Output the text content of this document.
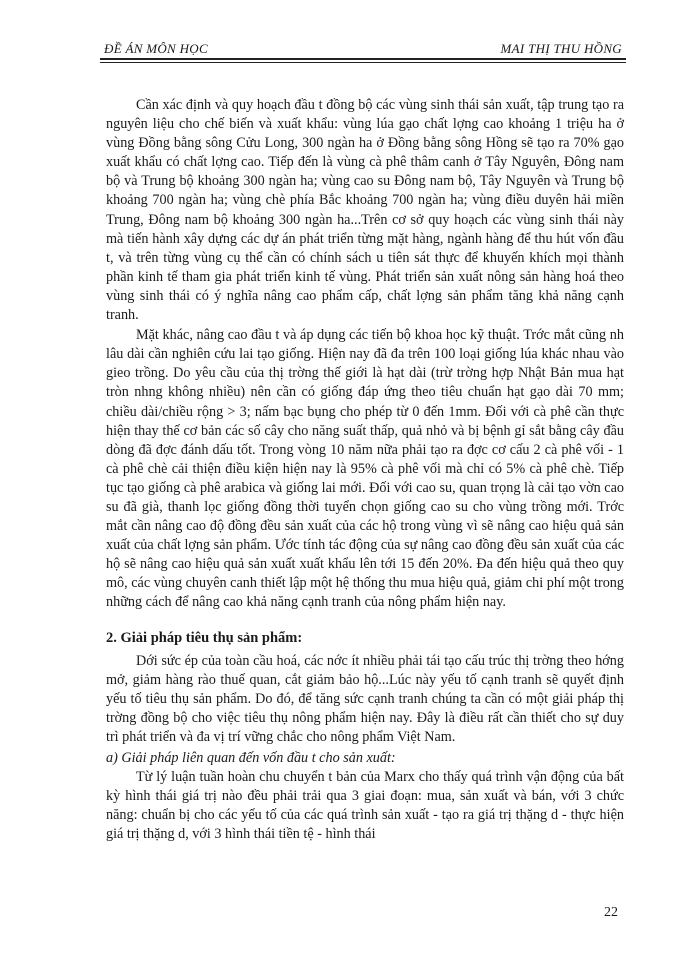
ĐỀ ÁN MÔN HỌC	MAI THỊ THU HỒNG

Cần xác định và quy hoạch đầu t đồng bộ các vùng sinh thái sản xuất, tập trung tạo ra nguyên liệu cho chế biến và xuất khẩu: vùng lúa gạo chất lợng cao khoảng 1 triệu ha ở vùng Đồng bằng sông Cửu Long, 300 ngàn ha ở Đồng bằng sông Hồng sẽ tạo ra 70% gạo xuất khẩu có chất lợng cao. Tiếp đến là vùng cà phê thâm canh ở Tây Nguyên, Đông nam bộ và Trung bộ khoảng 300 ngàn ha; vùng cao su Đông nam bộ, Tây Nguyên và Trung bộ khoảng 700 ngàn ha; vùng chè phía Bắc khoảng 700 ngàn ha; vùng điều duyên hải miền Trung, Đông nam bộ khoảng 300 ngàn ha...Trên cơ sở quy hoạch các vùng sinh thái này mà tiến hành xây dựng các dự án phát triển từng mặt hàng, ngành hàng để thu hút vốn đầu t, và trên từng vùng cụ thể cần có chính sách u tiên sát thực để khuyến khích mọi thành phần kinh tế tham gia phát triển kinh tế vùng. Phát triển sản xuất nông sản hàng hoá theo vùng sinh thái có ý nghĩa nâng cao phẩm cấp, chất lợng sản phẩm tăng khả năng cạnh tranh.

Mặt khác, nâng cao đầu t và áp dụng các tiến bộ khoa học kỹ thuật. Trớc mắt cũng nh lâu dài cần nghiên cứu lai tạo giống. Hiện nay đã đa trên 100 loại giống lúa khác nhau vào gieo trồng. Do yêu cầu của thị trờng thế giới là hạt dài (trừ trờng hợp Nhật Bản mua hạt tròn nhng không nhiều) nên cần có giống đáp ứng theo tiêu chuẩn hạt gạo dài 70 mm; chiều dài/chiều rộng > 3; nấm bạc bụng cho phép từ 0 đến 1mm. Đối với cà phê cần thực hiện thay thế cơ bản các số cây cho năng suất thấp, quả nhỏ và bị bệnh gỉ sắt bằng cây đầu dòng đã đợc đánh dấu tốt. Trong vòng 10 năm nữa phải tạo ra đợc cơ cấu 2 cà phê vối - 1 cà phê chè cải thiện điều kiện hiện nay là 95% cà phê vối mà chỉ có 5% cà phê chè. Tiếp tục tạo giống cà phê arabica và giống lai mới. Đối với cao su, quan trọng là cải tạo vờn cao su đã già, thanh lọc giống đồng thời tuyển chọn giống cao su cho vùng trồng mới. Trớc mắt cần nâng cao độ đồng đều sản xuất của các hộ trong vùng vì sẽ nâng cao hiệu quả sản xuất của chất lợng sản phẩm. Ước tính tác động của sự nâng cao đồng đều sản xuất của các hộ sẽ nâng cao hiệu quả sản xuất xuất khẩu lên tới 15 đến 20%. Đa đến hiệu quả theo quy mô, các vùng chuyên canh thiết lập một hệ thống thu mua hiệu quả, giảm chi phí một trong những cách để nâng cao khả năng cạnh tranh của nông phẩm hiện nay.

2. Giải pháp tiêu thụ sản phẩm:

Dới sức ép của toàn cầu hoá, các nớc ít nhiều phải tái tạo cấu trúc thị trờng theo hớng mở, giảm hàng rào thuế quan, cắt giảm bảo hộ...Lúc này yếu tố cạnh tranh sẽ quyết định yếu tố tiêu thụ sản phẩm. Do đó, để tăng sức cạnh tranh chúng ta cần có một giải pháp thị trờng đồng bộ cho việc tiêu thụ nông phẩm hiện nay. Đây là điều rất cần thiết cho sự duy trì phát triển và đa vị trí vững chắc cho nông phẩm Việt Nam.

a) Giải pháp liên quan đến vốn đầu t cho sản xuất:

Từ lý luận tuần hoàn chu chuyển t bản của Marx cho thấy quá trình vận động của bất kỳ hình thái giá trị nào đều phải trải qua 3 giai đoạn: mua, sản xuất và bán, với 3 chức năng: chuẩn bị cho các yếu tố của các quá trình sản xuất - tạo ra giá trị thặng d - thực hiện giá trị thặng d, với 3 hình thái tiền tệ - hình thái

22
